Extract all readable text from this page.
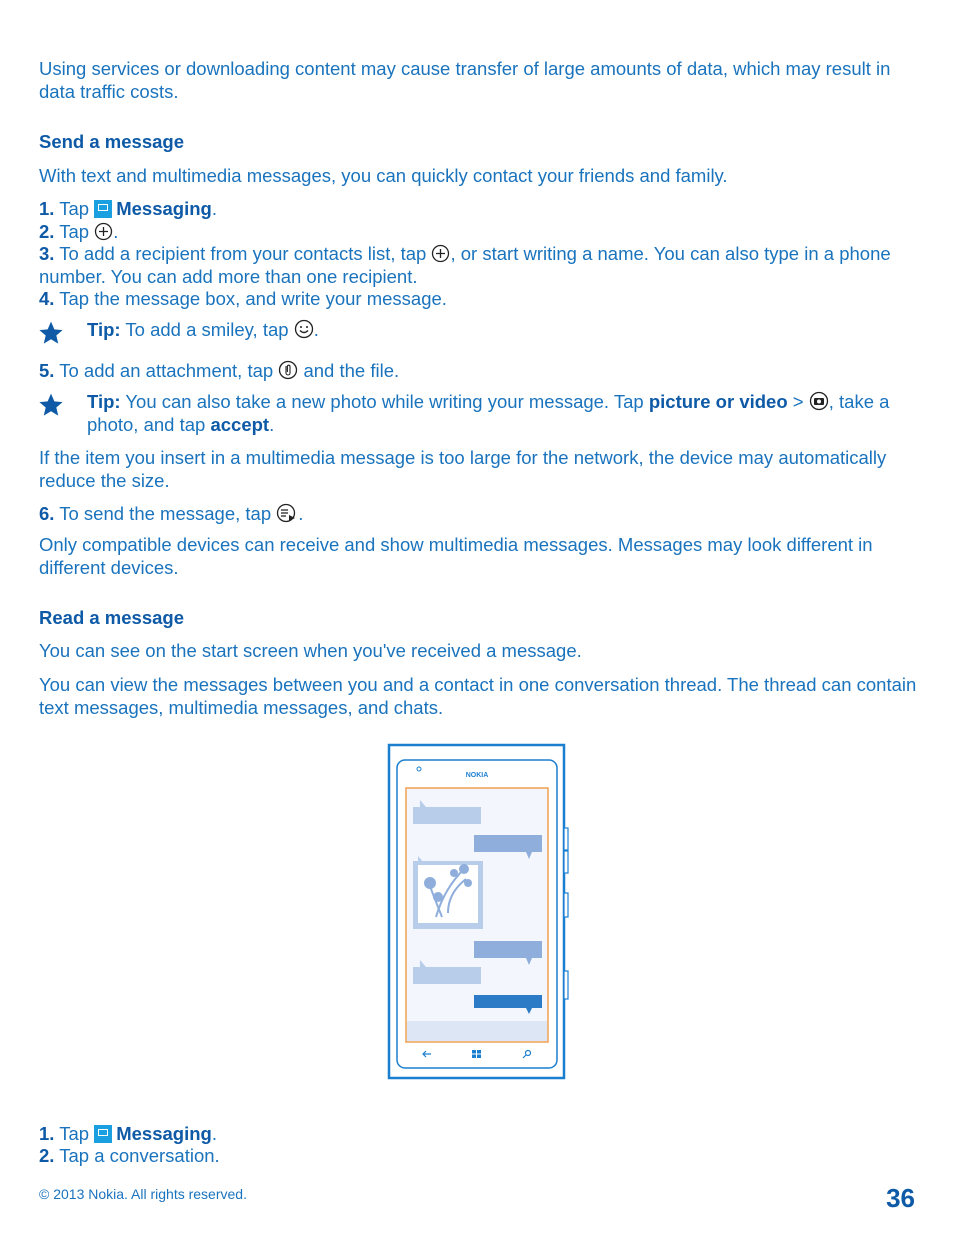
Using services or downloading content may cause transfer of large amounts of data, which may result in data traffic costs.
Send a message
With text and multimedia messages, you can quickly contact your friends and family.
1. Tap Messaging.
2. Tap .
3. To add a recipient from your contacts list, tap , or start writing a name. You can also type in a phone number. You can add more than one recipient.
4. Tap the message box, and write your message.
Tip: To add a smiley, tap .
5. To add an attachment, tap and the file.
Tip: You can also take a new photo while writing your message. Tap picture or video > , take a photo, and tap accept.
If the item you insert in a multimedia message is too large for the network, the device may automatically reduce the size.
6. To send the message, tap .
Only compatible devices can receive and show multimedia messages. Messages may look different in different devices.
Read a message
You can see on the start screen when you've received a message.
You can view the messages between you and a contact in one conversation thread. The thread can contain text messages, multimedia messages, and chats.
NOKIA
1. Tap Messaging.
2. Tap a conversation.
© 2013 Nokia. All rights reserved.	36
